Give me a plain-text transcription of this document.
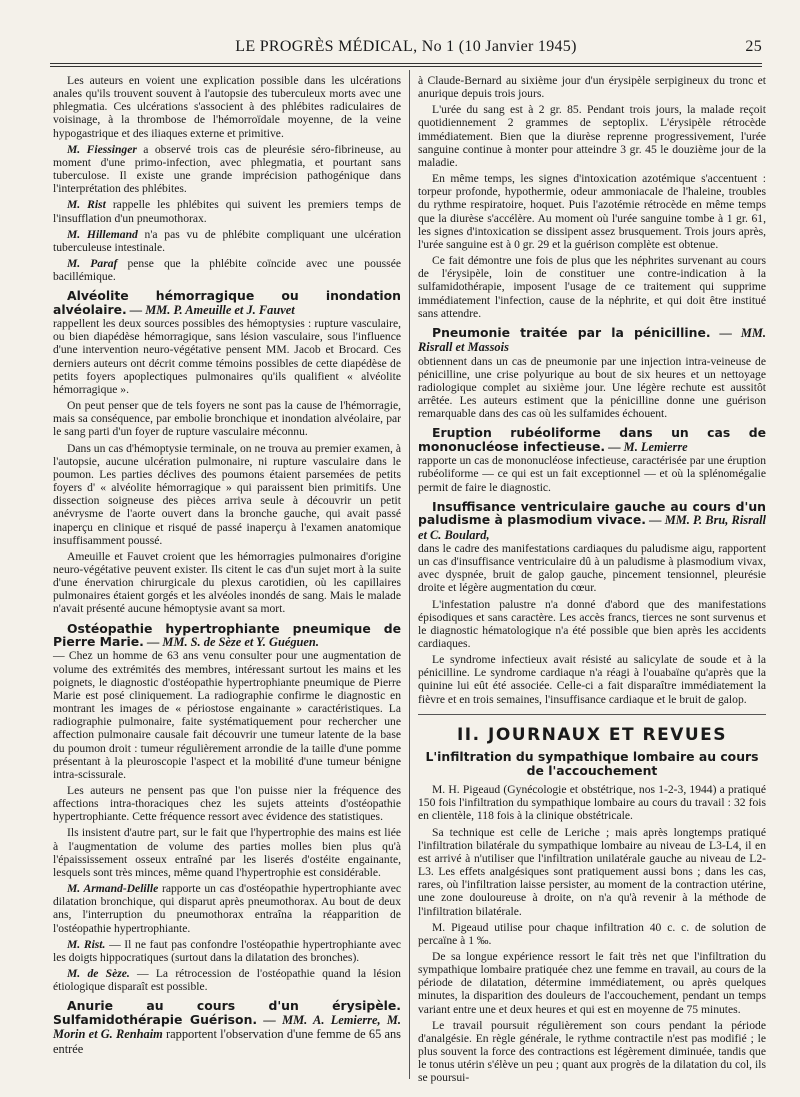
LE PROGRÈS MÉDICAL, No 1 (10 Janvier 1945)	25

Les auteurs en voient une explication possible dans les ulcérations anales qu'ils trouvent souvent à l'autopsie des tuberculeux morts avec une phlegmatia. Ces ulcérations s'associent à des phlébites radiculaires de voisinage, à la thrombose de l'hémorroïdale moyenne, de la veine hypogastrique et des iliaques externe et primitive.

M. Fiessinger a observé trois cas de pleurésie séro-fibrineuse, au moment d'une primo-infection, avec phlegmatia, et pourtant sans tuberculose. Il existe une grande imprécision pathogénique dans l'interprétation des phlébites.

M. Rist rappelle les phlébites qui suivent les premiers temps de l'insufflation d'un pneumothorax.

M. Hillemand n'a pas vu de phlébite compliquant une ulcération tuberculeuse intestinale.

M. Paraf pense que la phlébite coïncide avec une poussée bacillémique.

Alvéolite hémorragique ou inondation alvéolaire. — MM. P. Ameuille et J. Fauvet

rappellent les deux sources possibles des hémoptysies : rupture vasculaire, ou bien diapédèse hémorragique, sans lésion vasculaire, sous l'influence d'une intervention neuro-végétative pensent MM. Jacob et Brocard. Ces derniers auteurs ont décrit comme témoins possibles de cette diapédèse de petits foyers apoplectiques pulmonaires qu'ils qualifient « alvéolite hémorragique ».

On peut penser que de tels foyers ne sont pas la cause de l'hémorragie, mais sa conséquence, par embolie bronchique et inondation alvéolaire, par le sang parti d'un foyer de rupture vasculaire méconnu.

Dans un cas d'hémoptysie terminale, on ne trouva au premier examen, à l'autopsie, aucune ulcération pulmonaire, ni rupture vasculaire dans le poumon. Les parties déclives des poumons étaient parsemées de petits foyers d' « alvéolite hémorragique » qui paraissent bien primitifs. Une dissection soigneuse des pièces arriva seule à découvrir un petit anévrysme de l'aorte ouvert dans la bronche gauche, qui avait passé inaperçu en clinique et risqué de passé inaperçu à l'examen anatomique insuffisamment poussé.

Ameuille et Fauvet croient que les hémorragies pulmonaires d'origine neuro-végétative peuvent exister. Ils citent le cas d'un sujet mort à la suite d'une énervation chirurgicale du plexus carotidien, où les capillaires pulmonaires étaient gorgés et les alvéoles inondés de sang. Mais le malade n'avait présenté aucune hémoptysie avant sa mort.

Ostéopathie hypertrophiante pneumique de Pierre Marie. — MM. S. de Sèze et Y. Guéguen.

— Chez un homme de 63 ans venu consulter pour une augmentation de volume des extrémités des membres, intéressant surtout les mains et les poignets, le diagnostic d'ostéopathie hypertrophiante pneumique de Pierre Marie est posé cliniquement. La radiographie confirme le diagnostic en montrant les images de « périostose engainante » caractéristiques. La radiographie pulmonaire, faite systématiquement pour rechercher une affection pulmonaire causale fait découvrir une tumeur latente de la base du poumon droit : tumeur régulièrement arrondie de la taille d'une pomme présentant à la pleuroscopie l'aspect et la mobilité d'une tumeur bénigne intra-scissurale.

Les auteurs ne pensent pas que l'on puisse nier la fréquence des affections intra-thoraciques chez les sujets atteints d'ostéopathie hypertrophiante. Cette fréquence ressort avec évidence des statistiques.

Ils insistent d'autre part, sur le fait que l'hypertrophie des mains est liée à l'augmentation de volume des parties molles bien plus qu'à l'épaississement osseux entraîné par les liserés d'ostéite engainante, lesquels sont très minces, même quand l'hypertrophie est considérable.

M. Armand-Delille rapporte un cas d'ostéopathie hypertrophiante avec dilatation bronchique, qui disparut après pneumothorax. Au bout de deux ans, l'interruption du pneumothorax entraîna la réapparition de l'ostéopathie hypertrophiante.

M. Rist. — Il ne faut pas confondre l'ostéopathie hypertrophiante avec les doigts hippocratiques (surtout dans la dilatation des bronches).

M. de Sèze. — La rétrocession de l'ostéopathie quand la lésion étiologique disparaît est possible.

Anurie au cours d'un érysipèle. Sulfamidothérapie Guérison. — MM. A. Lemierre, M. Morin et G. Renhaim rapportent l'observation d'une femme de 65 ans entrée

à Claude-Bernard au sixième jour d'un érysipèle serpigineux du tronc et anurique depuis trois jours.

L'urée du sang est à 2 gr. 85. Pendant trois jours, la malade reçoit quotidiennement 2 grammes de septoplix. L'érysipèle rétrocède immédiatement. Bien que la diurèse reprenne progressivement, l'urée sanguine continue à monter pour atteindre 3 gr. 45 le douzième jour de la maladie.

En même temps, les signes d'intoxication azotémique s'accentuent : torpeur profonde, hypothermie, odeur ammoniacale de l'haleine, troubles du rythme respiratoire, hoquet. Puis l'azotémie rétrocède en même temps que la diurèse s'accélère. Au moment où l'urée sanguine tombe à 1 gr. 61, les signes d'intoxication se dissipent assez brusquement. Trois jours après, l'urée sanguine est à 0 gr. 29 et la guérison complète est obtenue.

Ce fait démontre une fois de plus que les néphrites survenant au cours de l'érysipèle, loin de constituer une contre-indication à la sulfamidothérapie, imposent l'usage de ce traitement qui supprime immédiatement l'infection, cause de la néphrite, et qui doit être institué sans attendre.

Pneumonie traitée par la pénicilline. — MM. Risrall et Massois

obtiennent dans un cas de pneumonie par une injection intra-veineuse de pénicilline, une crise polyurique au bout de six heures et un nettoyage radiologique complet au sixième jour. Une légère rechute est aussitôt arrêtée. Les auteurs estiment que la pénicilline donne une guérison remarquable dans des cas où les sulfamides échouent.

Eruption rubéoliforme dans un cas de mononucléose infectieuse. — M. Lemierre

rapporte un cas de mononucléose infectieuse, caractérisée par une éruption rubéoliforme — ce qui est un fait exceptionnel — et où la splénomégalie permit de faire le diagnostic.

Insuffisance ventriculaire gauche au cours d'un paludisme à plasmodium vivace. — MM. P. Bru, Risrall et C. Boulard,

dans le cadre des manifestations cardiaques du paludisme aigu, rapportent un cas d'insuffisance ventriculaire dû à un paludisme à plasmodium vivax, avec dyspnée, bruit de galop gauche, pincement tensionnel, pleurésie droite et légère augmentation du cœur.

L'infestation palustre n'a donné d'abord que des manifestations épisodiques et sans caractère. Les accès francs, tierces ne sont survenus et le diagnostic hématologique n'a été possible que bien après les accidents cardiaques.

Le syndrome infectieux avait résisté au salicylate de soude et à la pénicilline. Le syndrome cardiaque n'a réagi à l'ouabaïne qu'après que la quinine lui eût été associée. Celle-ci a fait disparaître immédiatement la fièvre et en trois semaines, l'insuffisance cardiaque et le bruit de galop.

II. JOURNAUX ET REVUES
L'infiltration du sympathique lombaire au cours de l'accouchement

M. H. Pigeaud (Gynécologie et obstétrique, nos 1-2-3, 1944) a pratiqué 150 fois l'infiltration du sympathique lombaire au cours du travail : 32 fois en clientèle, 118 fois à la clinique obstétricale.

Sa technique est celle de Leriche ; mais après longtemps pratiqué l'infiltration bilatérale du sympathique lombaire au niveau de L3-L4, il en est arrivé à n'utiliser que l'infiltration unilatérale gauche au niveau de L2-L3. Les effets analgésiques sont pratiquement aussi bons ; dans les cas, rares, où l'infiltration laisse persister, au moment de la contraction utérine, une zone douloureuse à droite, on n'a qu'à revenir à la méthode de l'infiltration bilatérale.

M. Pigeaud utilise pour chaque infiltration 40 c. c. de solution de percaïne à 1 ‰.

De sa longue expérience ressort le fait très net que l'infiltration du sympathique lombaire pratiquée chez une femme en travail, au cours de la période de dilatation, détermine immédiatement, ou après quelques minutes, la disparition des douleurs de l'accouchement, pendant un temps variant entre une et deux heures et qui est en moyenne de 75 minutes.

Le travail poursuit régulièrement son cours pendant la période d'analgésie. En règle générale, le rythme contractile n'est pas modifié ; le plus souvent la force des contractions est légèrement diminuée, tandis que le tonus utérin s'élève un peu ; quant aux progrès de la dilatation du col, ils se poursui-
